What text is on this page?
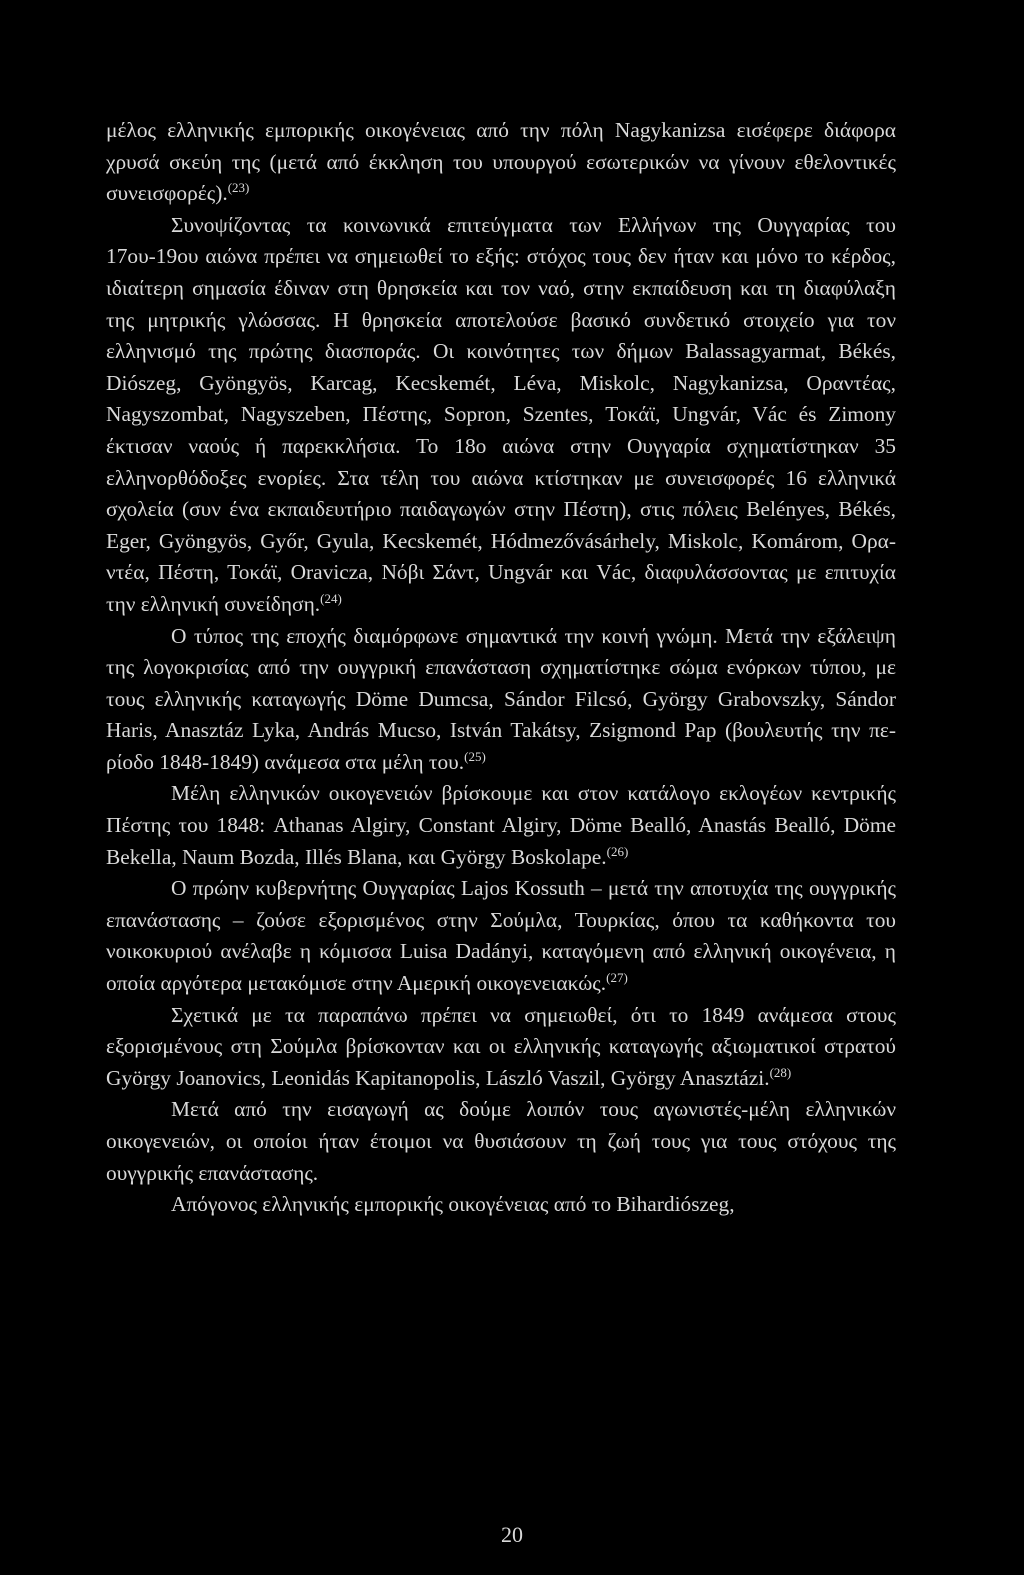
μέλος ελληνικής εμπορικής οικογένειας από την πόλη Nagykanizsa εισέφερε διάφορα χρυσά σκεύη της (μετά από έκκληση του υπουργού εσωτερικών να γίνουν εθελοντικές συνεισφορές).$^{(23)}$

Συνοψίζοντας τα κοινωνικά επιτεύγματα των Ελλήνων της Ουγγαρίας του 17ου-19ου αιώνα πρέπει να σημειωθεί το εξής: στόχος τους δεν ήταν και μόνο το κέρδος, ιδιαίτερη σημασία έδιναν στη θρησκεία και τον ναό, στην εκπαίδευση και τη διαφύλαξη της μητρικής γλώσσας. Η θρησκεία αποτελούσε βασικό συνδετικό στοιχείο για τον ελληνισμό της πρώτης διασποράς. Οι κοινότητες των δήμων Balassagyarmat, Békés, Diószeg, Gyöngyös, Karcag, Kecskemét, Léva, Miskolc, Nagykanizsa, Οραντέας, Nagyszombat, Nagyszeben, Πέστης, Sopron, Szentes, Τοκάϊ, Ungvár, Vác és Zimony έκτισαν ναούς ή παρεκκλήσια. Το 18ο αιώνα στην Ουγγαρία σχηματίστηκαν 35 ελληνορθόδοξες ενορίες. Στα τέλη του αιώνα κτίστηκαν με συνεισφορές 16 ελληνικά σχολεία (συν ένα εκπαιδευτήριο παιδαγωγών στην Πέστη), στις πόλεις Belényes, Békés, Eger, Gyöngyös, Győr, Gyula, Kecskemét, Hódmezővásárhely, Miskolc, Komárom, Οραντέα, Πέστη, Τοκάϊ, Oravicza, Νόβι Σάντ, Ungvár και Vác, διαφυλάσσοντας με επιτυχία την ελληνική συνείδηση.$^{(24)}$

Ο τύπος της εποχής διαμόρφωνε σημαντικά την κοινή γνώμη. Μετά την εξάλειψη της λογοκρισίας από την ουγγρική επανάσταση σχηματίστηκε σώμα ενόρκων τύπου, με τους ελληνικής καταγωγής Döme Dumcsa, Sándor Filcsó, György Grabovszky, Sándor Haris, Anasztáz Lyka, András Mucso, István Takátsy, Zsigmond Pap (βουλευτής την περίοδο 1848-1849) ανάμεσα στα μέλη του.$^{(25)}$

Μέλη ελληνικών οικογενειών βρίσκουμε και στον κατάλογο εκλογέων κεντρικής Πέστης του 1848: Athanas Algiry, Constant Algiry, Döme Bealló, Anastás Bealló, Döme Bekella, Naum Bozda, Illés Blana, και György Boskolape.$^{(26)}$

Ο πρώην κυβερνήτης Ουγγαρίας Lajos Kossuth – μετά την αποτυχία της ουγγρικής επανάστασης – ζούσε εξορισμένος στην Σούμλα, Τουρκίας, όπου τα καθήκοντα του νοικοκυριού ανέλαβε η κόμισσα Luisa Dadányi, καταγόμενη από ελληνική οικογένεια, η οποία αργότερα μετακόμισε στην Αμερική οικογενειακώς.$^{(27)}$

Σχετικά με τα παραπάνω πρέπει να σημειωθεί, ότι το 1849 ανάμεσα στους εξορισμένους στη Σούμλα βρίσκονταν και οι ελληνικής καταγωγής αξιωματικοί στρατού György Joanovics, Leonidás Kapitanopolis, László Vaszil, György Anasztázi.$^{(28)}$

Μετά από την εισαγωγή ας δούμε λοιπόν τους αγωνιστές-μέλη ελληνικών οικογενειών, οι οποίοι ήταν έτοιμοι να θυσιάσουν τη ζωή τους για τους στόχους της ουγγρικής επανάστασης.

Απόγονος ελληνικής εμπορικής οικογένειας από το Bihardiószeg,

20
